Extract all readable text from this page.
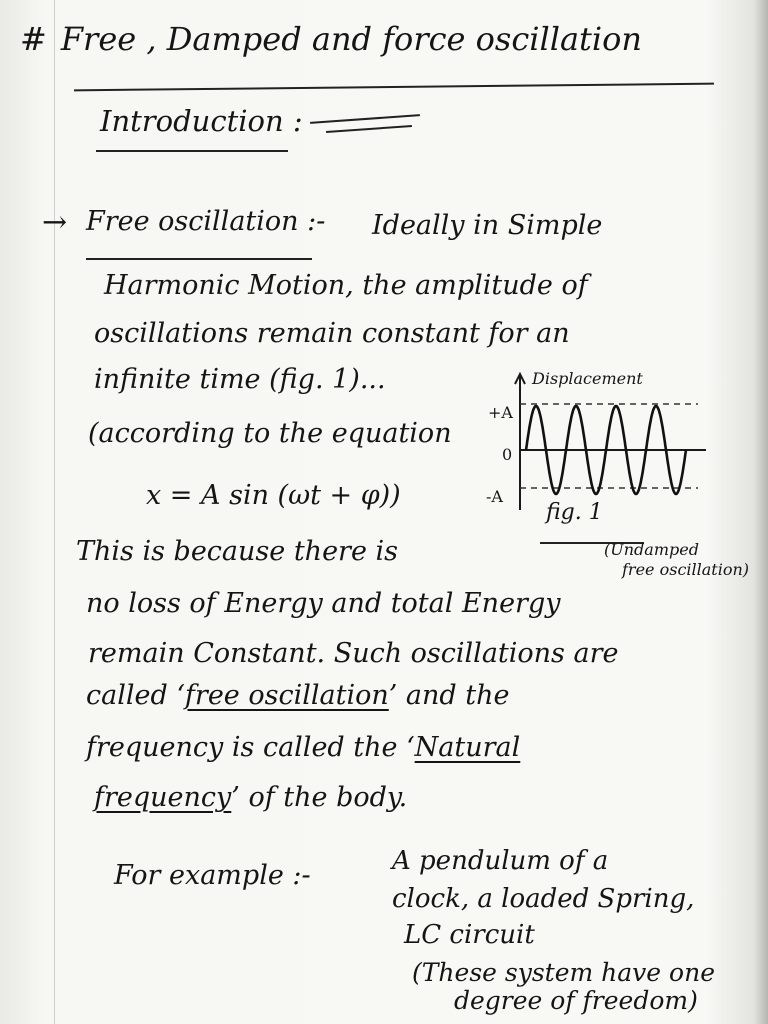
# Free , Damped and force oscillation
Introduction :
→ Free oscillation :- Ideally in Simple
Harmonic Motion, the amplitude of
oscillations remain constant for an
infinite time (fig. 1)...
(according to the equation
x = A sin (ωt + φ))
This is because there is
no loss of Energy and total Energy
remain Constant. Such oscillations are
called ‘free oscillation’ and the
frequency is called the ‘Natural
frequency’ of the body.
For example :-	A pendulum of a
clock, a loaded Spring,
LC circuit
(These system have one
degree of freedom)
Displacement
+A
0
-A
fig. 1
(Undamped
free oscillation)
